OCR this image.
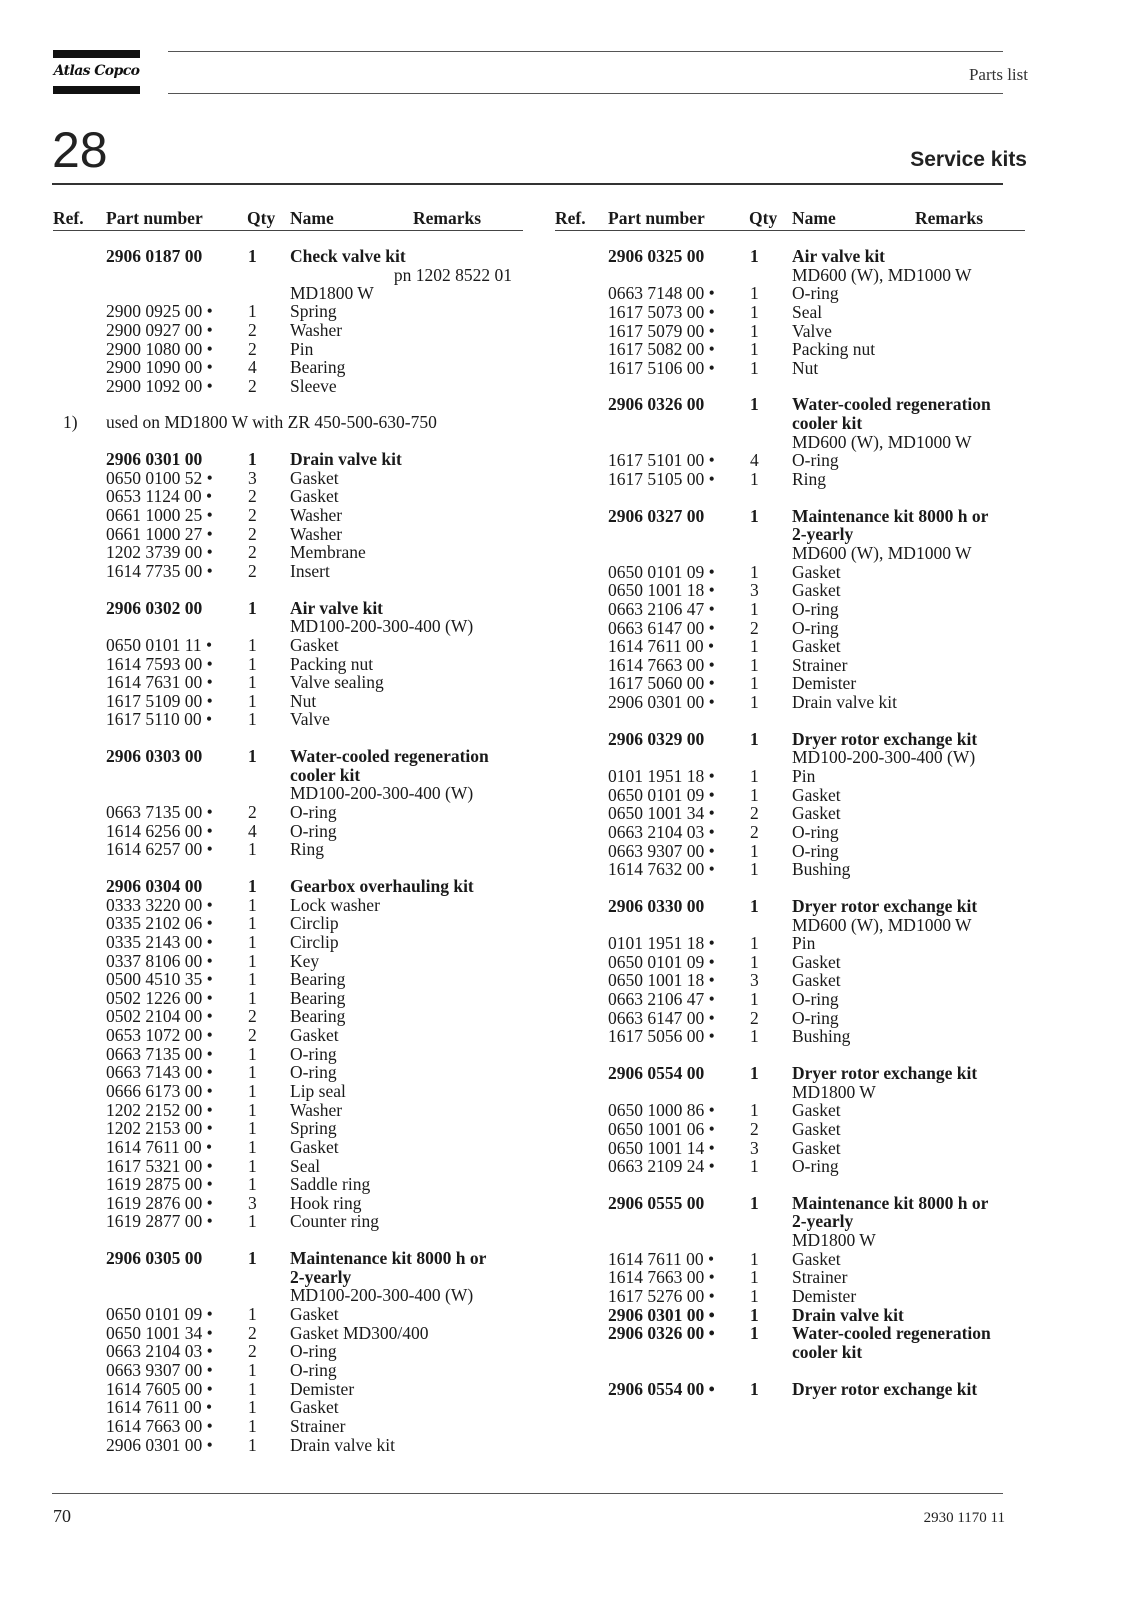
Atlas Copco	Parts list
28	Service kits
Ref. Part number	Qty Name	Remarks
2906 0187 00	1 Check valve kit
pn 1202 8522 01
MD1800 W
2900 0925 00 • 1 Spring
2900 0927 00 • 2 Washer
2900 1080 00 • 2 Pin
2900 1090 00 • 4 Bearing
2900 1092 00 • 2 Sleeve
1) used on MD1800 W with ZR 450-500-630-750
2906 0301 00	1 Drain valve kit
0650 0100 52 • 3 Gasket
0653 1124 00 • 2 Gasket
0661 1000 25 • 2 Washer
0661 1000 27 • 2 Washer
1202 3739 00 • 2 Membrane
1614 7735 00 • 2 Insert
2906 0302 00	1 Air valve kit
MD100-200-300-400 (W)
0650 0101 11 • 1 Gasket
1614 7593 00 • 1 Packing nut
1614 7631 00 • 1 Valve sealing
1617 5109 00 • 1 Nut
1617 5110 00 • 1 Valve
2906 0303 00	1 Water-cooled regeneration
cooler kit
MD100-200-300-400 (W)
0663 7135 00 • 2 O-ring
1614 6256 00 • 4 O-ring
1614 6257 00 • 1 Ring
2906 0304 00	1 Gearbox overhauling kit
0333 3220 00 • 1 Lock washer
0335 2102 06 • 1 Circlip
0335 2143 00 • 1 Circlip
0337 8106 00 • 1 Key
0500 4510 35 • 1 Bearing
0502 1226 00 • 1 Bearing
0502 2104 00 • 2 Bearing
0653 1072 00 • 2 Gasket
0663 7135 00 • 1 O-ring
0663 7143 00 • 1 O-ring
0666 6173 00 • 1 Lip seal
1202 2152 00 • 1 Washer
1202 2153 00 • 1 Spring
1614 7611 00 • 1 Gasket
1617 5321 00 • 1 Seal
1619 2875 00 • 1 Saddle ring
1619 2876 00 • 3 Hook ring
1619 2877 00 • 1 Counter ring
2906 0305 00	1 Maintenance kit 8000 h or
2-yearly
MD100-200-300-400 (W)
0650 0101 09 • 1 Gasket
0650 1001 34 • 2 Gasket MD300/400
0663 2104 03 • 2 O-ring
0663 9307 00 • 1 O-ring
1614 7605 00 • 1 Demister
1614 7611 00 • 1 Gasket
1614 7663 00 • 1 Strainer
2906 0301 00 • 1 Drain valve kit
Ref. Part number	Qty Name	Remarks
2906 0325 00	1 Air valve kit
MD600 (W), MD1000 W
0663 7148 00 • 1 O-ring
1617 5073 00 • 1 Seal
1617 5079 00 • 1 Valve
1617 5082 00 • 1 Packing nut
1617 5106 00 • 1 Nut
2906 0326 00	1 Water-cooled regeneration
cooler kit
MD600 (W), MD1000 W
1617 5101 00 • 4 O-ring
1617 5105 00 • 1 Ring
2906 0327 00	1 Maintenance kit 8000 h or
2-yearly
MD600 (W), MD1000 W
0650 0101 09 • 1 Gasket
0650 1001 18 • 3 Gasket
0663 2106 47 • 1 O-ring
0663 6147 00 • 2 O-ring
1614 7611 00 • 1 Gasket
1614 7663 00 • 1 Strainer
1617 5060 00 • 1 Demister
2906 0301 00 • 1 Drain valve kit
2906 0329 00	1 Dryer rotor exchange kit
MD100-200-300-400 (W)
0101 1951 18 • 1 Pin
0650 0101 09 • 1 Gasket
0650 1001 34 • 2 Gasket
0663 2104 03 • 2 O-ring
0663 9307 00 • 1 O-ring
1614 7632 00 • 1 Bushing
2906 0330 00	1 Dryer rotor exchange kit
MD600 (W), MD1000 W
0101 1951 18 • 1 Pin
0650 0101 09 • 1 Gasket
0650 1001 18 • 3 Gasket
0663 2106 47 • 1 O-ring
0663 6147 00 • 2 O-ring
1617 5056 00 • 1 Bushing
2906 0554 00	1 Dryer rotor exchange kit
MD1800 W
0650 1000 86 • 1 Gasket
0650 1001 06 • 2 Gasket
0650 1001 14 • 3 Gasket
0663 2109 24 • 1 O-ring
2906 0555 00	1 Maintenance kit 8000 h or
2-yearly
MD1800 W
1614 7611 00 • 1 Gasket
1614 7663 00 • 1 Strainer
1617 5276 00 • 1 Demister
2906 0301 00 • 1 Drain valve kit
2906 0326 00 • 1 Water-cooled regeneration
cooler kit
2906 0554 00 • 1 Dryer rotor exchange kit
70	2930 1170 11
